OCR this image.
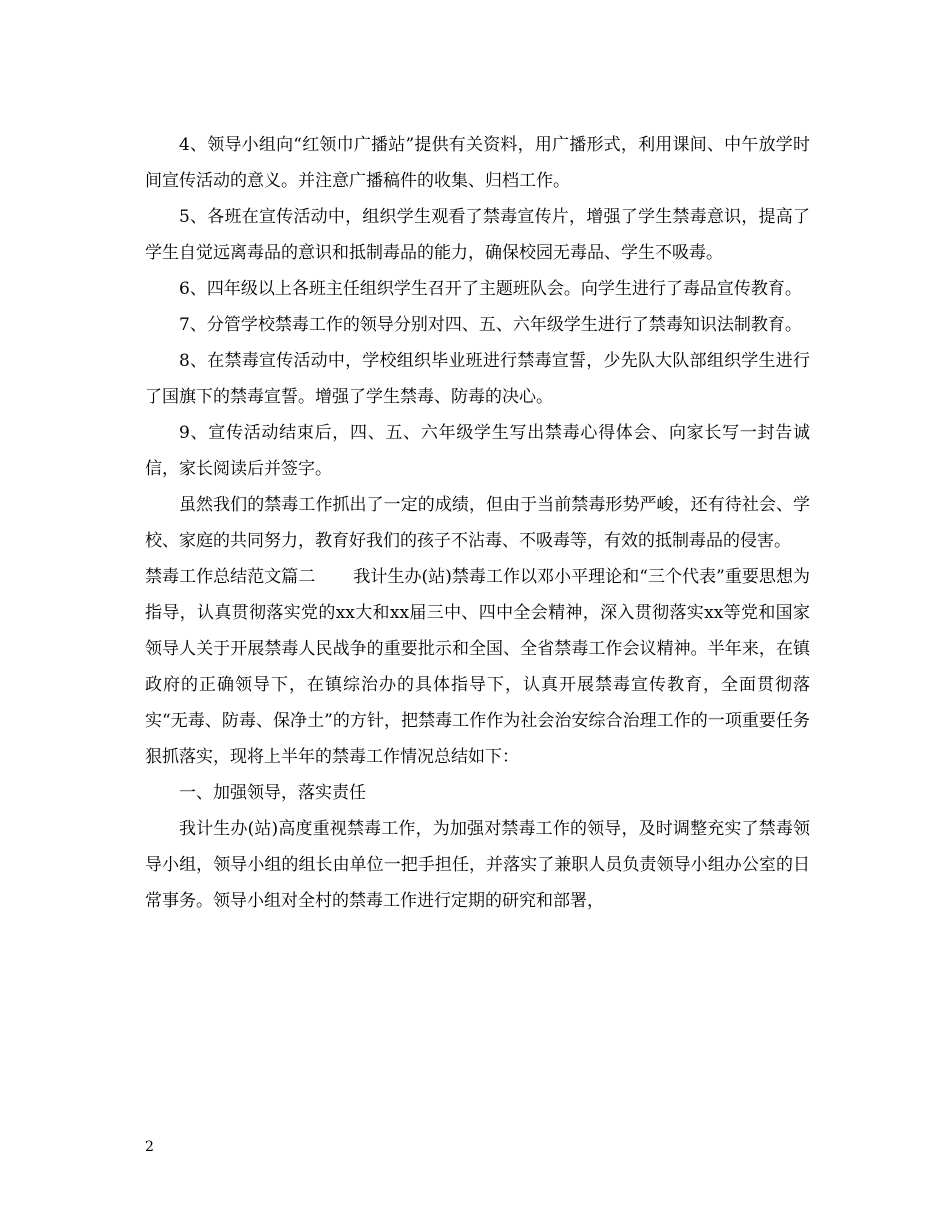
4、领导小组向“红领巾广播站”提供有关资料，用广播形式，利用课间、中午放学时间宣传活动的意义。并注意广播稿件的收集、归档工作。

5、各班在宣传活动中，组织学生观看了禁毒宣传片，增强了学生禁毒意识，提高了学生自觉远离毒品的意识和抵制毒品的能力，确保校园无毒品、学生不吸毒。

6、四年级以上各班主任组织学生召开了主题班队会。向学生进行了毒品宣传教育。

7、分管学校禁毒工作的领导分别对四、五、六年级学生进行了禁毒知识法制教育。

8、在禁毒宣传活动中，学校组织毕业班进行禁毒宣誓，少先队大队部组织学生进行了国旗下的禁毒宣誓。增强了学生禁毒、防毒的决心。

9、宣传活动结束后，四、五、六年级学生写出禁毒心得体会、向家长写一封告诚信，家长阅读后并签字。

虽然我们的禁毒工作抓出了一定的成绩，但由于当前禁毒形势严峻，还有待社会、学校、家庭的共同努力，教育好我们的孩子不沾毒、不吸毒等，有效的抵制毒品的侵害。

禁毒工作总结范文篇二 我计生办(站)禁毒工作以邓小平理论和“三个代表”重要思想为指导，认真贯彻落实党的xx大和xx届三中、四中全会精神，深入贯彻落实xx等党和国家领导人关于开展禁毒人民战争的重要批示和全国、全省禁毒工作会议精神。半年来，在镇政府的正确领导下，在镇综治办的具体指导下，认真开展禁毒宣传教育，全面贯彻落实“无毒、防毒、保净土”的方针，把禁毒工作作为社会治安综合治理工作的一项重要任务狠抓落实，现将上半年的禁毒工作情况总结如下：

一、加强领导，落实责任

我计生办(站)高度重视禁毒工作，为加强对禁毒工作的领导，及时调整充实了禁毒领导小组，领导小组的组长由单位一把手担任，并落实了兼职人员负责领导小组办公室的日常事务。领导小组对全村的禁毒工作进行定期的研究和部署，

2
